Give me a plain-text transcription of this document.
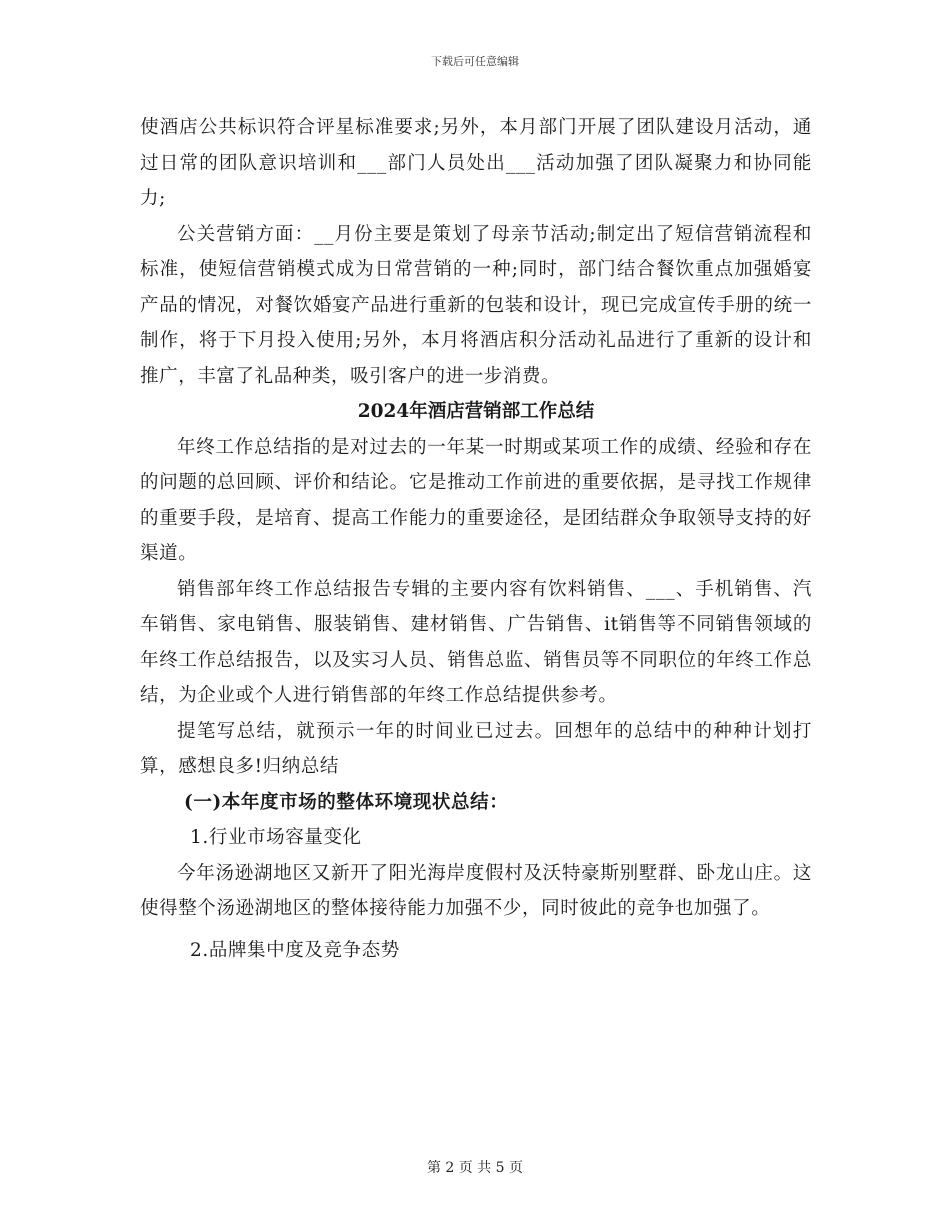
下载后可任意编辑

使酒店公共标识符合评星标准要求;另外，本月部门开展了团队建设月活动，通过日常的团队意识培训和___部门人员处出___活动加强了团队凝聚力和协同能力;

公关营销方面：__月份主要是策划了母亲节活动;制定出了短信营销流程和标准，使短信营销模式成为日常营销的一种;同时，部门结合餐饮重点加强婚宴产品的情况，对餐饮婚宴产品进行重新的包装和设计，现已完成宣传手册的统一制作，将于下月投入使用;另外，本月将酒店积分活动礼品进行了重新的设计和推广，丰富了礼品种类，吸引客户的进一步消费。

2024年酒店营销部工作总结

年终工作总结指的是对过去的一年某一时期或某项工作的成绩、经验和存在的问题的总回顾、评价和结论。它是推动工作前进的重要依据，是寻找工作规律的重要手段，是培育、提高工作能力的重要途径，是团结群众争取领导支持的好渠道。

销售部年终工作总结报告专辑的主要内容有饮料销售、___、手机销售、汽车销售、家电销售、服装销售、建材销售、广告销售、it销售等不同销售领域的年终工作总结报告，以及实习人员、销售总监、销售员等不同职位的年终工作总结，为企业或个人进行销售部的年终工作总结提供参考。

提笔写总结，就预示一年的时间业已过去。回想年的总结中的种种计划打算，感想良多!归纳总结

(一)本年度市场的整体环境现状总结：

1.行业市场容量变化

今年汤逊湖地区又新开了阳光海岸度假村及沃特豪斯别墅群、卧龙山庄。这使得整个汤逊湖地区的整体接待能力加强不少，同时彼此的竞争也加强了。

2.品牌集中度及竞争态势

第 2 页 共 5 页
